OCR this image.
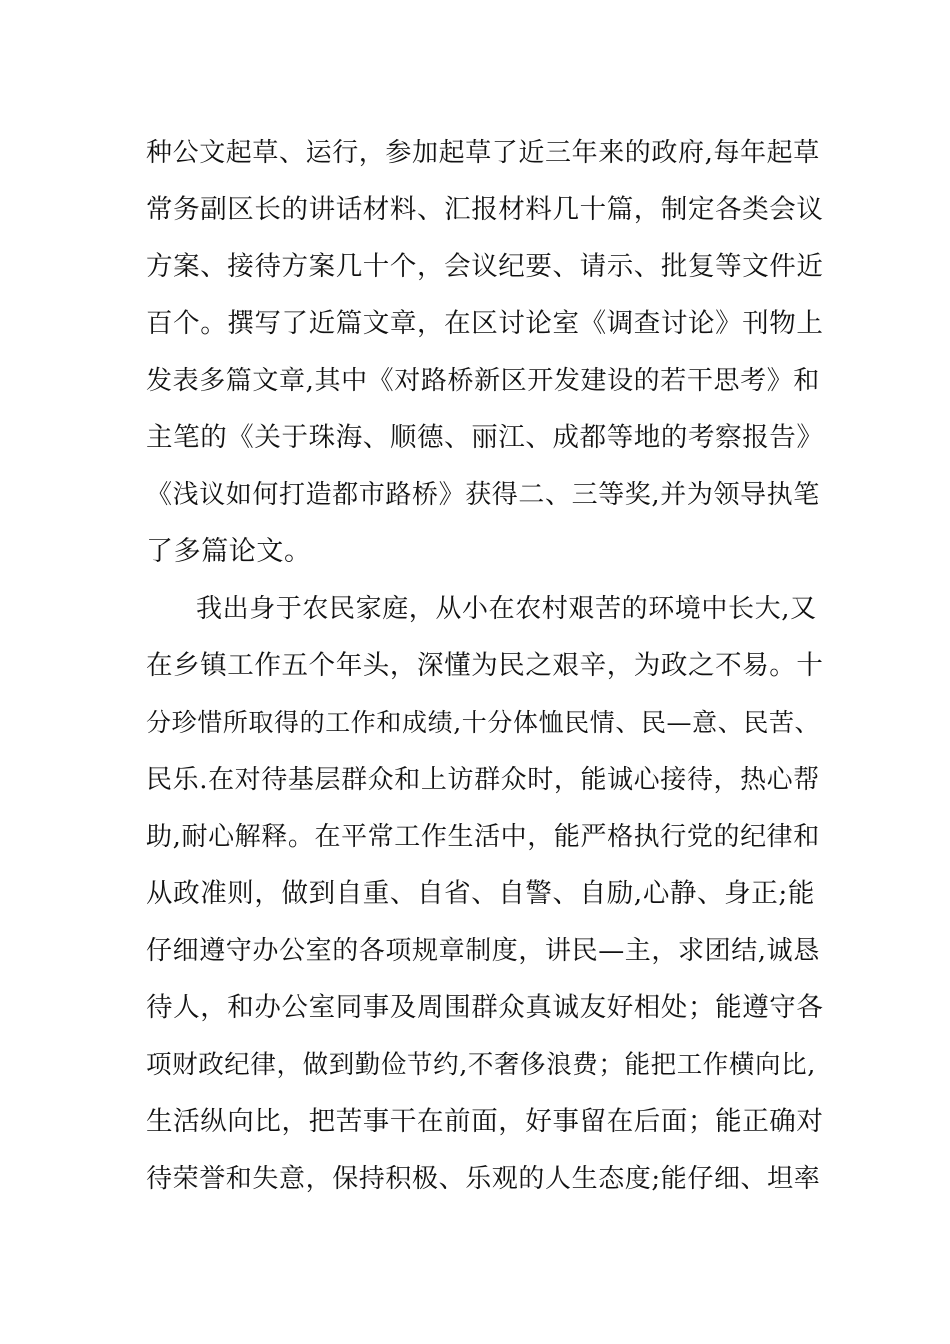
种公文起草、运行，参加起草了近三年来的政府,每年起草
常务副区长的讲话材料、汇报材料几十篇，制定各类会议
方案、接待方案几十个，会议纪要、请示、批复等文件近
百个。撰写了近篇文章，在区讨论室《调查讨论》刊物上
发表多篇文章,其中《对路桥新区开发建设的若干思考》和
主笔的《关于珠海、顺德、丽江、成都等地的考察报告》
《浅议如何打造都市路桥》获得二、三等奖,并为领导执笔
了多篇论文。
我出身于农民家庭，从小在农村艰苦的环境中长大,又
在乡镇工作五个年头，深懂为民之艰辛，为政之不易。十
分珍惜所取得的工作和成绩,十分体恤民情、民—意、民苦、
民乐.在对待基层群众和上访群众时，能诚心接待，热心帮
助,耐心解释。在平常工作生活中，能严格执行党的纪律和
从政准则，做到自重、自省、自警、自励,心静、身正;能
仔细遵守办公室的各项规章制度，讲民—主，求团结,诚恳
待人，和办公室同事及周围群众真诚友好相处；能遵守各
项财政纪律，做到勤俭节约,不奢侈浪费；能把工作横向比,
生活纵向比，把苦事干在前面，好事留在后面；能正确对
待荣誉和失意，保持积极、乐观的人生态度;能仔细、坦率
